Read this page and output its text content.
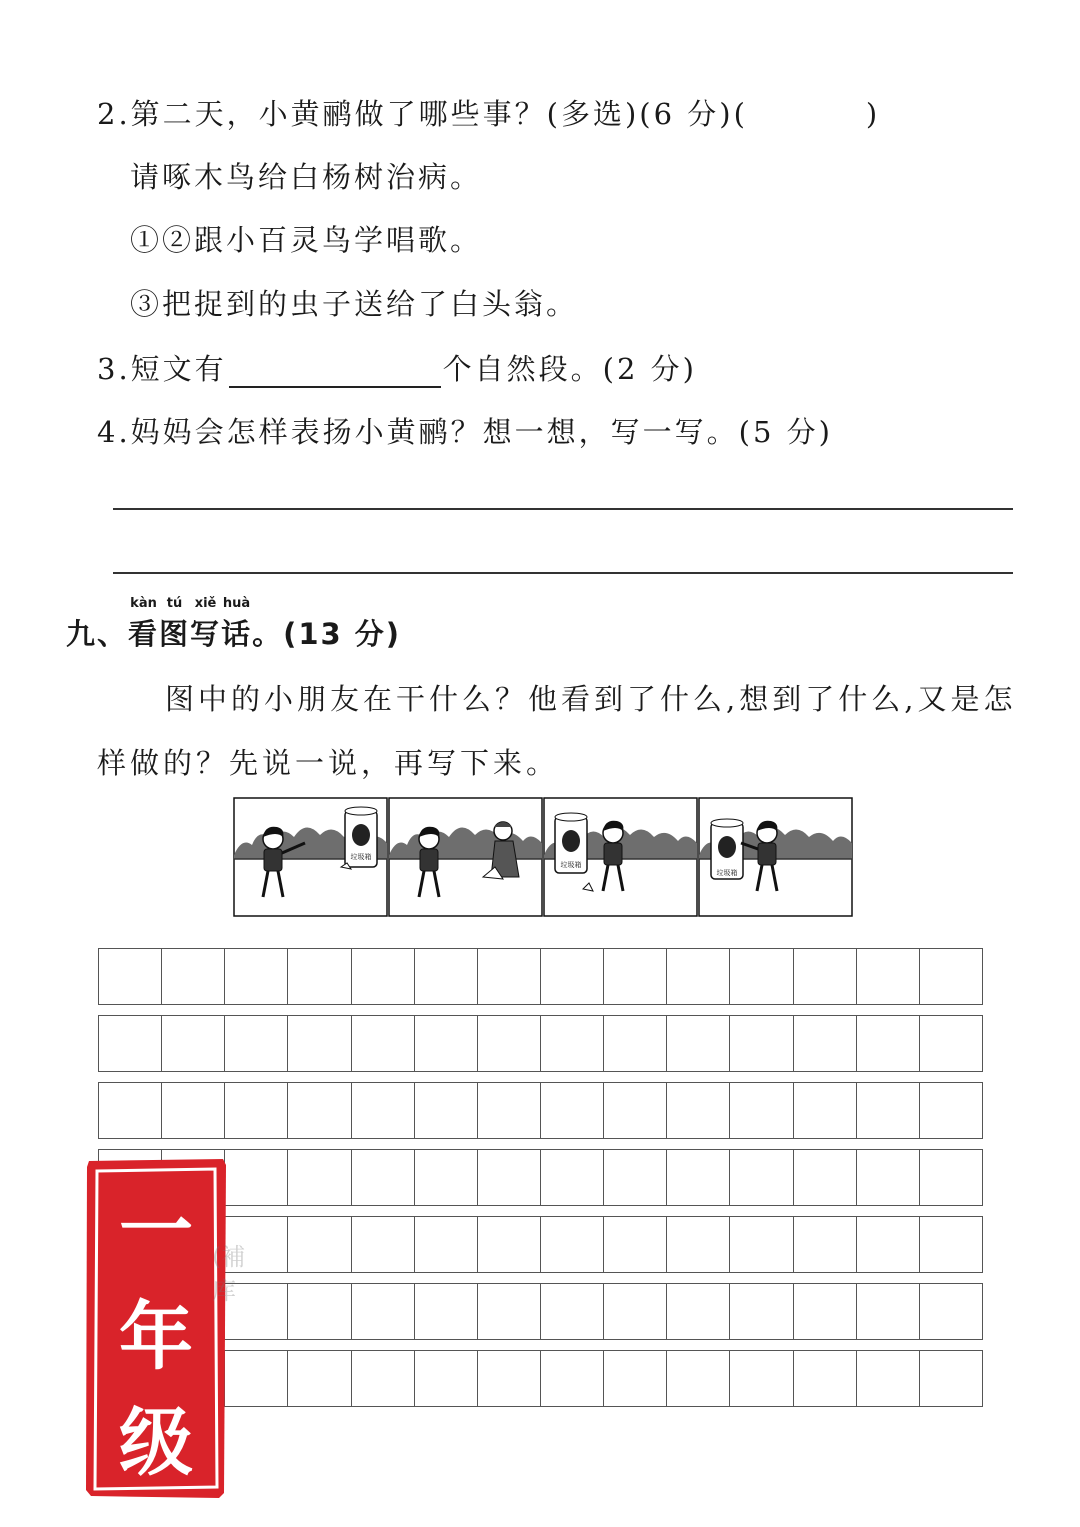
2.第二天，小黄鹂做了哪些事？(多选)(6 分)(	)
请啄木鸟给白杨树治病。
①②跟小百灵鸟学唱歌。
③把捉到的虫子送给了白头翁。
3.短文有	个自然段。(2 分)
4.妈妈会怎样表扬小黄鹂？想一想，写一写。(5 分)
九、
kàn
看
tú
图
xiě
写
huà
话。(13 分)
图中的小朋友在干什么？他看到了什么,想到了什么,又是怎
样做的？先说一说，再写下来。
垃圾箱
垃圾箱
垃圾箱
一
年
级
(補
库
